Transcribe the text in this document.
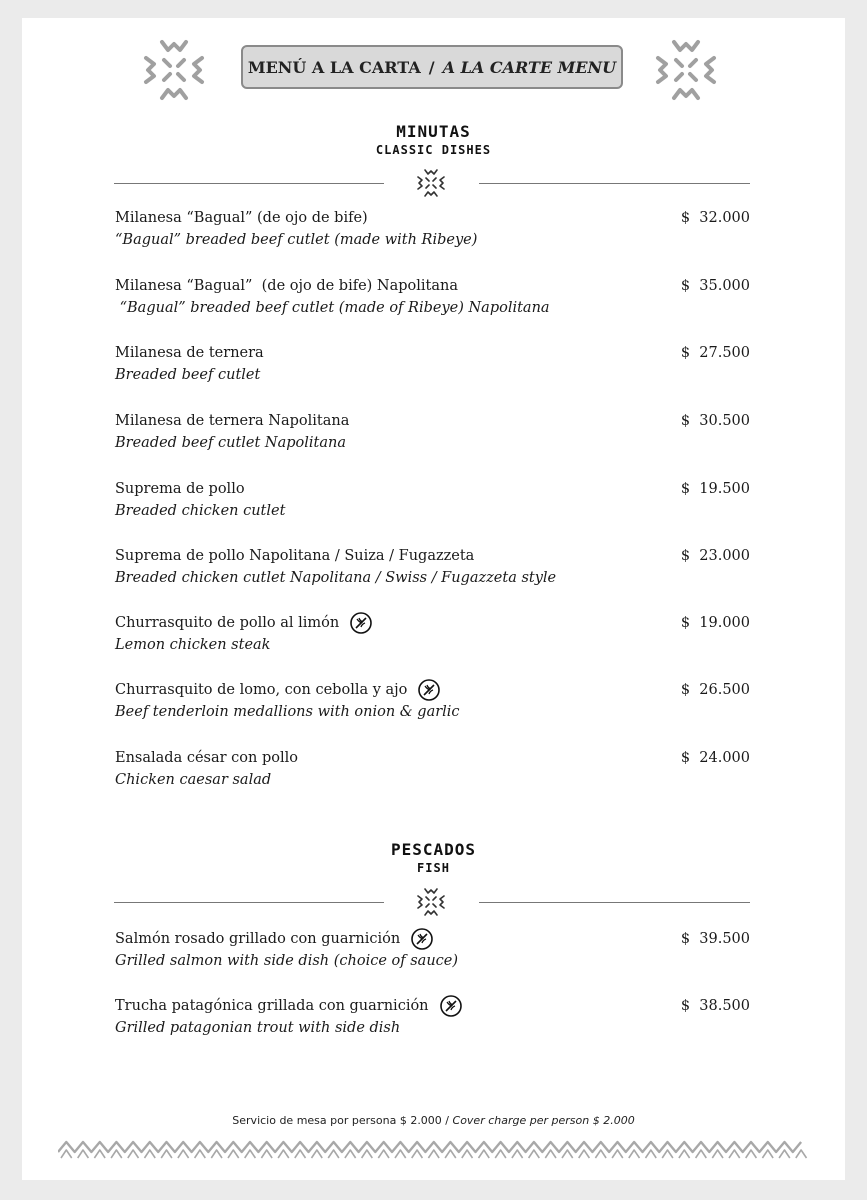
MENÚ A LA CARTA / A LA CARTE MENU
MINUTAS
CLASSIC DISHES
Milanesa “Bagual” (de ojo de bife)
“Bagual” breaded beef cutlet (made with Ribeye)
$  32.000
Milanesa “Bagual”  (de ojo de bife) Napolitana
“Bagual” breaded beef cutlet (made of Ribeye) Napolitana
$  35.000
Milanesa de ternera
Breaded beef cutlet
$  27.500
Milanesa de ternera Napolitana
Breaded beef cutlet Napolitana
$  30.500
Suprema de pollo
Breaded chicken cutlet
$  19.500
Suprema de pollo Napolitana / Suiza / Fugazzeta
Breaded chicken cutlet Napolitana / Swiss / Fugazzeta style
$  23.000
Churrasquito de pollo al limón
Lemon chicken steak
$  19.000
Churrasquito de lomo, con cebolla y ajo
Beef tenderloin medallions with onion & garlic
$  26.500
Ensalada césar con pollo
Chicken caesar salad
$  24.000
PESCADOS
FISH
Salmón rosado grillado con guarnición
Grilled salmon with side dish (choice of sauce)
$  39.500
Trucha patagónica grillada con guarnición
Grilled patagonian trout with side dish
$  38.500
Servicio de mesa por persona $ 2.000 / Cover charge per person $ 2.000
